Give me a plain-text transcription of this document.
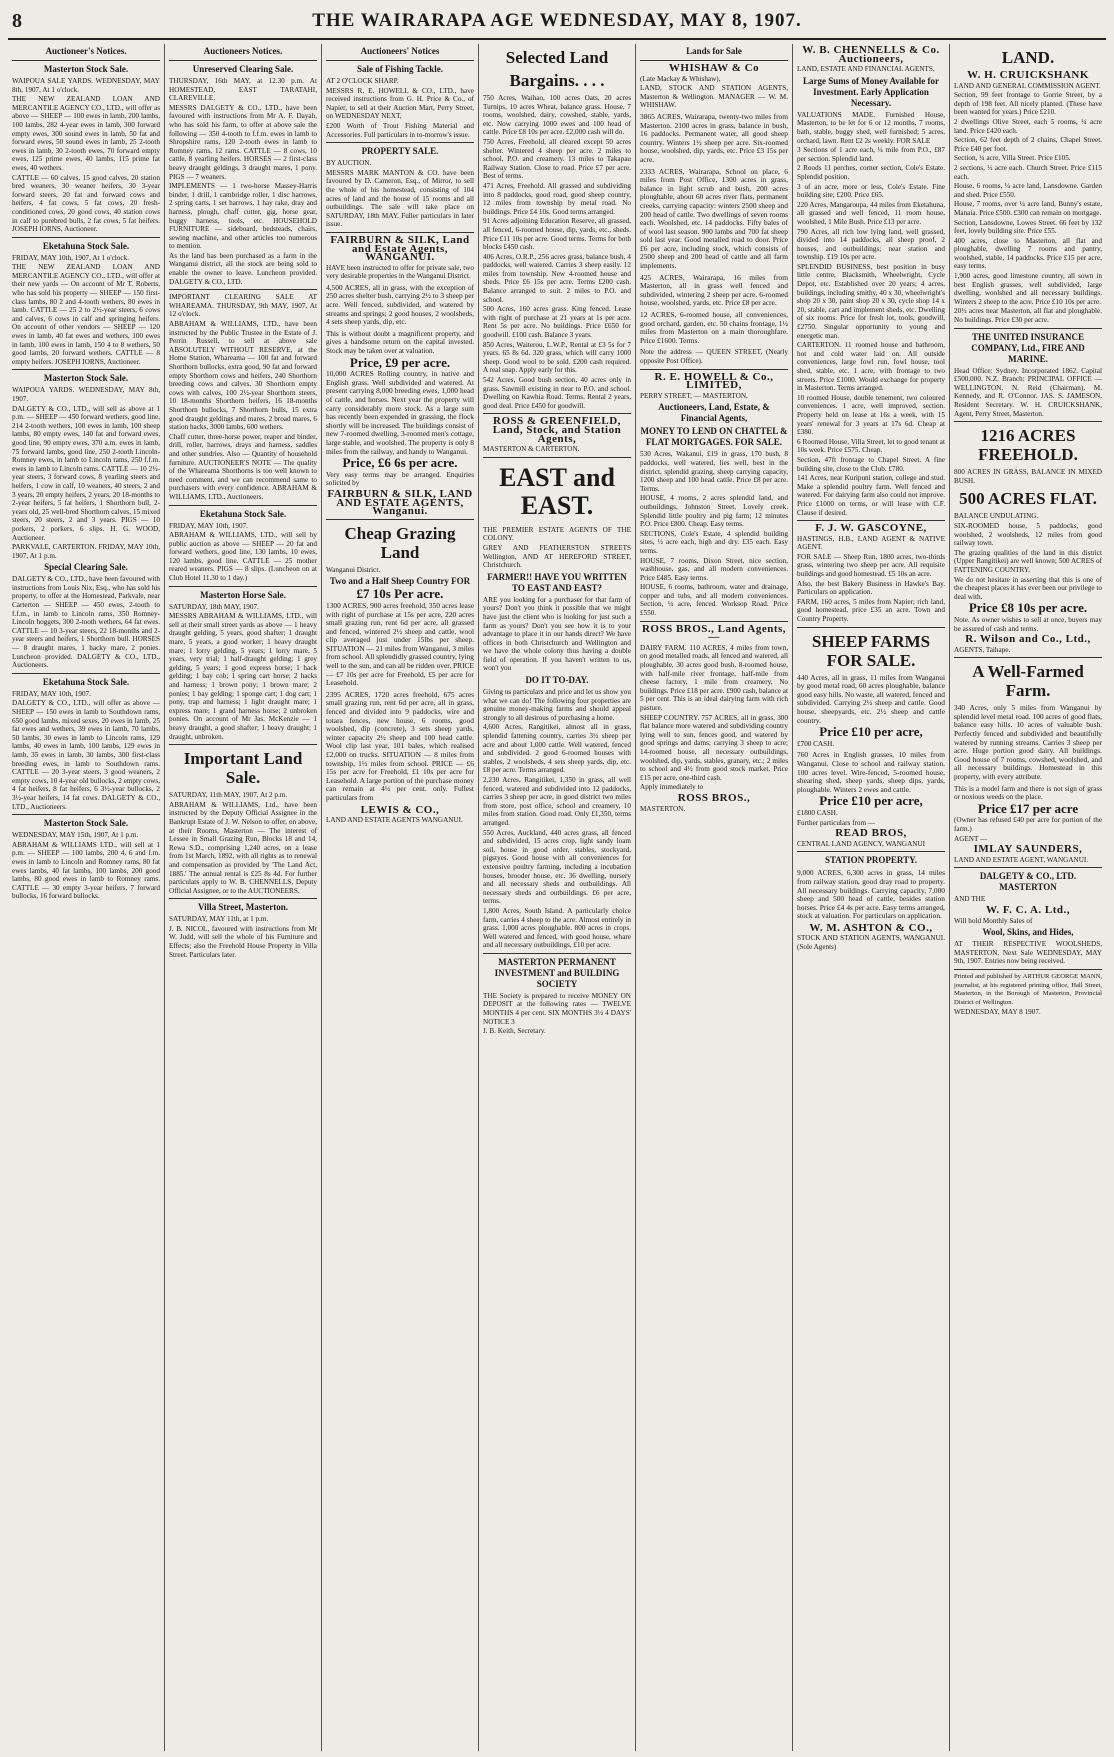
8	THE WAIRARAPA AGE WEDNESDAY, MAY 8, 1907.
Auctioneer's Notices.
Masterton Stock Sale.

WAIPOUA SALE YARDS. WEDNESDAY, MAY 8th, 1907, At 1 o'clock.

THE NEW ZEALAND LOAN AND MERCANTILE AGENCY CO., LTD., will offer as above — SHEEP — 100 ewes in lamb, 200 lambs, 100 lambs, 282 4-year ewes in lamb, 300 forward empty ewes, 300 sound ewes in lamb, 50 fat and forward ewes, 50 sound ewes in lamb, 25 2-tooth ewes in lamb, 30 2-tooth ewes, 70 forward empty ewes, 125 prime ewes, 40 lambs, 115 prime fat ewes, 40 wethers.

CATTLE — 60 calves, 15 good calves, 20 station bred weaners, 30 weaner heifers, 30 3-year forward steers, 20 fat and forward cows and heifers, 4 fat cows, 5 fat cows, 20 fresh-conditioned cows, 20 good cows, 40 station cows in calf to purebred bulls, 2 fat cows, 5 fat heifers. JOSEPH IORNS, Auctioneer.

Eketahuna Stock Sale.

FRIDAY, MAY 10th, 1907, At 1 o'clock.

THE NEW ZEALAND LOAN AND MERCANTILE AGENCY CO., LTD., will offer at their new yards — On account of Mr T. Roberts, who has sold his property — SHEEP — 150 first-class lambs, 80 2 and 4-tooth wethers, 80 ewes in lamb. CATTLE — 25 2 to 2½-year steers, 6 cows and calves, 6 cows in calf and springing heifers. On account of other vendors — SHEEP — 120 ewes in lamb, 40 fat ewes and wethers, 100 ewes in lamb, 100 ewes in lamb, 150 4 to 8 wethers, 50 good lambs, 20 forward wethers. CATTLE — 8 empty heifers. JOSEPH IORNS, Auctioneer.

Masterton Stock Sale.

WAIPOUA YARDS. WEDNESDAY, MAY 8th, 1907.

DALGETY & CO., LTD., will sell as above at 1 p.m. — SHEEP — 450 forward wethers, good line, 214 2-tooth wethers, 100 ewes in lamb, 100 sheep lambs, 80 empty ewes, 140 fat and forward ewes, good line, 90 empty ewes, 370 a.m. ewes in lamb, 75 forward lambs, good line, 250 2-tooth Lincoln-Romney ewes, in lamb to Lincoln rams, 250 f.f.m. ewes in lamb to Lincoln rams. CATTLE — 10 2½-year steers, 3 forward cows, 8 yearling steers and heifers, 1 cow in calf, 10 weaners, 40 steers, 2 and 3 years, 20 empty heifers, 2 years, 20 18-months to 2-year heifers, 5 fat heifers, 1 Shorthorn bull, 2-years old, 25 well-bred Shorthorn calves, 15 mixed steers, 20 steers, 2 and 3 years. PIGS — 10 porkers, 2 porkers, 6 slips. H. G. WOOD, Auctioneer.

PARKVALE, CARTERTON. FRIDAY, MAY 10th, 1907, At 1 p.m.

Special Clearing Sale.

DALGETY & CO., LTD., have been favoured with instructions from Louis Nix, Esq., who has sold his property, to offer at the Homestead, Parkvale, near Carterton — SHEEP — 450 ewes, 2-tooth to f.f.m., in lamb to Lincoln rams, 350 Romney-Lincoln hoggets, 300 2-tooth wethers, 64 fat ewes. CATTLE — 10 3-year steers, 22 18-months and 2-year steers and heifers, 1 Shorthorn bull. HORSES — 8 draught mares, 1 hacky mare, 2 ponies. Luncheon provided. DALGETY & CO., LTD., Auctioneers.

Eketahuna Stock Sale.

FRIDAY, MAY 10th, 1907.

DALGETY & CO., LTD., will offer as above — SHEEP — 150 ewes in lamb to Southdown rams, 650 good lambs, mixed sexes, 20 ewes in lamb, 25 fat ewes and wethers, 39 ewes in lamb, 70 lambs, 50 lambs, 30 ewes in lamb to Lincoln rams, 129 lambs, 40 ewes in lamb, 100 lambs, 129 ewes in lamb, 35 ewes in lamb, 30 lambs, 300 first-class breeding ewes, in lamb to Southdown rams. CATTLE — 20 3-year steers, 3 good weaners, 2 empty cows, 10 4-year old bullocks, 2 empty cows, 4 fat heifers, 8 fat heifers, 6 3½-year bullocks, 2 3½-year heifers, 14 fat cows. DALGETY & CO., LTD., Auctioneers.

Masterton Stock Sale.

WEDNESDAY, MAY 15th, 1907, At 1 p.m.

ABRAHAM & WILLIAMS LTD., will sell at 1 p.m. — SHEEP — 100 lambs, 200 4, 6 and f.m. ewes in lamb to Lincoln and Romney rams, 80 fat ewes lambs, 40 fat lambs, 100 lambs, 200 good lambs, 80 good ewes in lamb to Romney rams. CATTLE — 30 empty 3-year heifers, 7 forward bullocks, 16 forward bullocks.

Auctioneers Notices.
Unreserved Clearing Sale.

THURSDAY, 16th MAY, at 12.30 p.m. At HOMESTEAD, EAST TARATAHI, CLAREVILLE.

MESSRS DALGETY & CO., LTD., have been favoured with instructions from Mr A. F. Dayah, who has sold his farm, to offer at above sale the following — 350 4-tooth to f.f.m. ewes in lamb to Shropshire rams, 120 2-tooth ewes in lamb to Romney rams, 12 rams. CATTLE — 8 cows, 10 cattle, 8 yearling heifers. HORSES — 2 first-class heavy draught geldings, 3 draught mares, 1 pony. PIGS — 7 weaners.

IMPLEMENTS — 1 two-horse Massey-Harris binder, 1 drill, 1 cambridge roller, 1 disc harrows, 2 spring carts, 1 set harrows, 1 hay rake, dray and harness, plough, chaff cutter, gig, horse gear, buggy harness, tools, etc. HOUSEHOLD FURNITURE — sideboard, bedsteads, chairs, sewing machine, and other articles too numerous to mention.

As the land has been purchased as a farm in the Wanganui district, all the stock are being sold to enable the owner to leave. Luncheon provided. DALGETY & CO., LTD.

IMPORTANT CLEARING SALE AT WHAREAMA. THURSDAY, 9th MAY, 1907, At 12 o'clock.

ABRAHAM & WILLIAMS, LTD., have been instructed by the Public Trustee in the Estate of J. Perrin Russell, to sell at above sale ABSOLUTELY WITHOUT RESERVE, at the Home Station, Whareama — 100 fat and forward Shorthorn bullocks, extra good, 90 fat and forward empty Shorthorn cows and heifers, 240 Shorthorn breeding cows and calves, 30 Shorthorn empty cows with calves, 100 2½-year Shorthorn steers, 10 18-months Shorthorn heifers, 16 18-months Shorthorn bullocks, 7 Shorthorn bulls, 15 extra good draught geldings and mares, 2 broad mares, 6 station hacks, 3000 lambs, 600 wethers.

Chaff cutter, three-horse power, reaper and binder, drill, roller, harrows, drays and harness, saddles and other sundries. Also — Quantity of household furniture. AUCTIONEER'S NOTE — The quality of the Whareama Shorthorns is too well known to need comment, and we can recommend same to purchasers with every confidence. ABRAHAM & WILLIAMS, LTD., Auctioneers.

Eketahuna Stock Sale.

FRIDAY, MAY 10th, 1907.

ABRAHAM & WILLIAMS, LTD., will sell by public auction as above — SHEEP — 20 fat and forward wethers, good line, 130 lambs, 10 ewes, 120 lambs, good line. CATTLE — 25 mother reared weaners. PIGS — 8 slips. (Luncheon on at Club Hotel 11.30 to 1 day.)

Masterton Horse Sale.

SATURDAY, 18th MAY, 1907.

MESSRS ABRAHAM & WILLIAMS, LTD., will sell at their small street yards as above — 1 heavy draught gelding, 5 years, good shafter; 1 draught mare, 5 years, a good worker; 1 heavy draught mare; 1 lorry gelding, 5 years; 1 lorry mare, 5 years, very trial; 1 half-draught gelding; 1 grey gelding, 5 years; 1 good express horse; 1 hack gelding; 1 bay cob; 1 spring cart horse; 2 hacks and harness; 1 brown pony; 1 brown mare; 2 ponies; 1 bay gelding; 1 sponge cart; 1 dog cart; 1 pony, trap and harness; 1 light draught mare; 1 express mare; 1 grand harness horse; 2 unbroken ponies. On account of Mr Jas. McKenzie — 1 heavy draught, a good shafter; 1 heavy draught; 1 draught, unbroken.

Important Land Sale.

SATURDAY, 11th MAY, 1907, At 2 p.m.

ABRAHAM & WILLIAMS, Ltd., have been instructed by the Deputy Official Assignee in the Bankrupt Estate of J. W. Nelson to offer, on above, at their Rooms, Masterton — The interest of Lessee in Small Grazing Run, Blocks 18 and 14, Rewa S.D., comprising 1,240 acres, on a lease from 1st March, 1892, with all rights as to renewal and compensation as provided by 'The Land Act, 1885.' The annual rental is £25 8s 4d. For further particulars apply to W. B. CHENNELLS, Deputy Official Assignee, or to the AUCTIONEERS.

Villa Street, Masterton.

SATURDAY, MAY 11th, at 1 p.m.

J. B. NICOL, favoured with instructions from Mr W. Judd, will sell the whole of his Furniture and Effects; also the Freehold House Property in Villa Street. Particulars later.

Auctioneers' Notices
Sale of Fishing Tackle.

AT 2 O'CLOCK SHARP.

MESSRS R. E. HOWELL & CO., LTD., have received instructions from G. H. Price & Co., of Napier, to sell at their Auction Mart, Perry Street, on WEDNESDAY NEXT,

£200 Worth of Trout Fishing Material and Accessories. Full particulars in to-morrow's issue.

PROPERTY SALE.

BY AUCTION.

MESSRS MARK MANTON & CO. have been favoured by D. Cameron, Esq., of Mirror, to sell the whole of his homestead, consisting of 104 acres of land and the house of 15 rooms and all outbuildings. The sale will take place on SATURDAY, 18th MAY. Fuller particulars in later issue.

FAIRBURN & SILK, Land and Estate Agents, WANGANUI.

HAVE been instructed to offer for private sale, two very desirable properties in the Wanganui District.

4,500 ACRES, all in grass, with the exception of 250 acres shelter bush, carrying 2½ to 3 sheep per acre. Well fenced, subdivided, and watered by streams and springs; 2 good houses, 2 woolsheds, 4 sets sheep yards, dip, etc.

This is without doubt a magnificent property, and gives a handsome return on the capital invested. Stock may be taken over at valuation.

Price, £9 per acre.

10,000 ACRES Rolling country, in native and English grass. Well subdivided and watered. At present carrying 8,000 breeding ewes, 1,000 head of cattle, and horses. Next year the property will carry considerably more stock. As a large sum has recently been expended in grassing, the flock shortly will be increased. The buildings consist of new 7-roomed dwelling, 3-roomed men's cottage, large stable, and woolshed. The property is only 8 miles from the railway, and handy to Wanganui.

Price, £6 6s per acre.

Very easy terms may be arranged. Enquiries solicited by

FAIRBURN & SILK, LAND AND ESTATE AGENTS, Wanganui.
Cheap Grazing Land

Wanganui District.

Two and a Half Sheep Country FOR
£7 10s Per acre.

1300 ACRES, 900 acres freehold, 350 acres lease with right of purchase at 15s per acre, 220 acres small grazing run, rent 6d per acre, all grassed and fenced, wintered 2½ sheep and cattle, wool clip averaged just under 15lbs per sheep. SITUATION — 21 miles from Wanganui, 3 miles from school. All splendidly grassed country, lying well to the sun, and can all be ridden over. PRICE — £7 10s per acre for Freehold, £5 per acre for Leasehold.

2395 ACRES, 1720 acres freehold, 675 acres small grazing run, rent 6d per acre, all in grass, fenced and divided into 9 paddocks, wire and totara fences, new house, 6 rooms, good woolshed, dip (concrete), 3 sets sheep yards, winter capacity 2½ sheep and 100 head cattle. Wool clip last year, 101 bales, which realised £2,000 on trucks. SITUATION — 8 miles from township, 1½ miles from school. PRICE — £6 15s per acre for Freehold, £1 10s per acre for Leasehold. A large portion of the purchase money can remain at 4½ per cent. only. Fullest particulars from

LEWIS & CO.,

LAND AND ESTATE AGENTS WANGANUI.

Selected Land
Bargains. . . .

750 Acres, Waihao, 100 acres Oats, 20 acres Turnips, 10 acres Wheat, balance grass. House, 7 rooms, woolshed, dairy, cowshed, stable, yards, etc. Now carrying 1000 ewes and 100 head of cattle. Price £8 10s per acre. £2,000 cash will do.

750 Acres, Freehold, all cleared except 50 acres shelter. Wintered 4 sheep per acre. 2 miles to school, P.O. and creamery. 13 miles to Takapau Railway Station. Close to road. Price £7 per acre. Best of terms.

471 Acres, Freehold. All grassed and subdividing into 8 paddocks, good road, good sheep country, 12 miles from township by metal road. No buildings. Price £4 10s. Good terms arranged.

91 Acres adjoining Education Reserve, all grassed, all fenced, 6-roomed house, dip, yards, etc., sheds. Price £11 10s per acre. Good terms. Terms for both blocks £450 cash.

406 Acres, O.R.P., 256 acres grass, balance bush, 4 paddocks, well watered. Carries 3 sheep easily. 12 miles from township. New 4-roomed house and sheds. Price £6 15s per acre. Terms £200 cash. Balance arranged to suit. 2 miles to P.O. and school.

500 Acres, 160 acres grass. King fenced. Lease with right of purchase at 21 years at 1s per acre. Rent 5s per acre. No buildings. Price £650 for goodwill. £100 cash. Balance 3 years.

850 Acres, Waiterou, L.W.P., Rental at £3 5s for 7 years. 65 8s 6d. 320 grass, which will carry 1000 sheep. Good wool to be sold. £200 cash required. A real snap. Apply early for this.

542 Acres, Good bush section, 40 acres only in grass. Sawmill existing in near to P.O. and school. Dwelling on Kawhia Road. Terms. Rental 2 years, good deal. Price £450 for goodwill.

ROSS & GREENFIELD, Land, Stock, and Station Agents,

MASTERTON & CARTERTON.

EAST and EAST.

THE PREMIER ESTATE AGENTS OF THE COLONY.

GREY AND FEATHERSTON STREETS Wellington, AND AT HEREFORD STREET, Christchurch.

FARMER!! HAVE YOU WRITTEN TO EAST AND EAST?

ARE you looking for a purchaser for that farm of yours? Don't you think it possible that we might have just the client who is looking for just such a farm as yours? Don't you see how it is to your advantage to place it in our hands direct? We have offices in both Christchurch and Wellington and we have the whole colony thus having a double field of operation. If you haven't written to us, won't you

DO IT TO-DAY.

Giving us particulars and price and let us show you what we can do! The following four properties are genuine money-making farms and should appeal strongly to all desirous of purchasing a home.

4,600 Acres, Rangitikei, almost all in grass, splendid fattening country, carries 3½ sheep per acre and about 1,000 cattle. Well watered, fenced and subdivided. 2 good 6-roomed houses with stables, 2 woolsheds, 4 sets sheep yards, dip, etc. £8 per acre. Terms arranged.

2,230 Acres, Rangitikei, 1,350 in grass, all well fenced, watered and subdivided into 12 paddocks, carries 3 sheep per acre, in good district two miles from store, post office, school and creamery, 10 miles from station. Good road. Only £1,350, terms arranged.

550 Acres, Auckland, 440 acres grass, all fenced and subdivided, 15 acres crop, light sandy loam soil, house in good order, stables, stockyard, pigstyes. Good house with all conveniences for extensive poultry farming, including a incubation houses, brooder house, etc. 36 dwelling, nursery and all necessary sheds and outbuildings. All necessary sheds and outbuildings. £6 per acre, terms.

1,800 Acres, South Island. A particularly choice farm, carries 4 sheep to the acre. Almost entirely in grass. 1,000 acres ploughable. 800 acres in crops. Well watered and fenced, with good house, whare and all necessary outbuildings, £10 per acre.

MASTERTON PERMANENT INVESTMENT and BUILDING SOCIETY

THE Society is prepared to receive MONEY ON DEPOSIT at the following rates — TWELVE MONTHS 4 per cent. SIX MONTHS 3½ 4 DAYS' NOTICE 3

J. B. Keith, Secretary.

Lands for Sale
WHISHAW & Co

(Late Mackay & Whishaw),

LAND, STOCK AND STATION AGENTS, Masterton & Wellington. MANAGER — W. M. WHISHAW.

3865 ACRES, Wairarapa, twenty-two miles from Masterton. 2100 acres in grass, balance in bush, 16 paddocks. Permanent water, all good sheep country. Winters 1½ sheep per acre. Six-roomed house, woolshed, dip, yards, etc. Price £3 15s per acre.

2333 ACRES, Wairarapa, School on place, 6 miles from Post Office, 1300 acres in grass, balance in light scrub and bush, 200 acres ploughable, about 60 acres river flats, permanent creeks, carrying capacity: winters 2500 sheep and 200 head of cattle. Two dwellings of seven rooms each. Woolshed, etc. 14 paddocks. Fifty bales of of wool last season. 900 lambs and 700 fat sheep sold last year. Good metalled road to door. Price £6 per acre, including stock, which consists of 2500 sheep and 200 head of cattle and all farm implements.

425 ACRES, Wairarapa, 16 miles from Masterton, all in grass well fenced and subdivided, wintering 2 sheep per acre. 6-roomed house, woolshed, yards, etc. Price £8 per acre.

12 ACRES, 6-roomed house, all conveniences, good orchard, garden, etc. 50 chains frontage, 1½ miles from Masterton on a main thoroughfare. Price £1600. Terms.

Note the address — QUEEN STREET, (Nearly opposite Post Office).

R. E. HOWELL & Co., LIMITED,

PERRY STREET, — MASTERTON,

Auctioneers, Land, Estate, & Financial Agents,
MONEY TO LEND ON CHATTEL & FLAT MORTGAGES. FOR SALE.

530 Acres, Wakanui, £19 in grass, 170 bush, 8 paddocks, well watered, lies well, best in the district, splendid grazing, sheep carrying capacity, 1200 sheep and 100 head cattle. Price £8 per acre. Terms.

HOUSE, 4 rooms, 2 acres splendid land, and outbuildings, Johnston Street, Lovely creek. Splendid little poultry and pig farm; 12 minutes P.O. Price £800. Cheap. Easy terms.

SECTIONS, Cole's Estate, 4 splendid building sites, ½ acre each, high and dry. £35 each. Easy terms.

HOUSE, 7 rooms, Dixon Street, nice section, washhouse, gas, and all modern conveniences. Price £485. Easy terms.

HOUSE, 6 rooms, bathroom, water and drainage, copper and tubs, and all modern conveniences. Section, ¼ acre, fenced. Worksop Road. Price £550.

ROSS BROS., Land Agents, —

DAIRY FARM. 110 ACRES, 4 miles from town, on good metalled roads, all fenced and watered, all ploughable, 30 acres good bush, 8-roomed house, with half-mile river frontage, half-mile from cheese factory, 1 mile from creamery, No buildings. Price £18 per acre. £900 cash, balance at 5 per cent. This is an ideal dairying farm with rich pasture.

SHEEP COUNTRY. 757 ACRES, all in grass, 300 flat balance more watered and subdividing country lying well to sun, fences good, and watered by good springs and dams; carrying 3 sheep to acre; 14-roomed house, all necessary outbuildings, woolshed, dip, yards, stables, granary, etc.; 2 miles to school and 4½ from good stock market. Price £15 per acre, one-third cash.

Apply immediately to

ROSS BROS.,

MASTERTON.

W. B. CHENNELLS & Co. Auctioneers,

LAND, ESTATE AND FINANCIAL AGENTS,

Large Sums of Money Available for Investment. Early Application Necessary.

VALUATIONS MADE. Furnished House, Masterton, to be let for 6 or 12 months, 7 rooms, bath, stable, buggy shed, well furnished; 5 acres, orchard, lawn. Rent £2 2s weekly. FOR SALE

3 Sections of 1 acre each, ¼ mile from P.O., £87 per section. Splendid land.

2 Roods 11 perches, corner section, Cole's Estate. Splendid position.

3 of an acre, more or less, Cole's Estate. Fine building site; £200. Price £65.

220 Acres, Mangaroupa, 44 miles from Eketahuna, all grassed and well fenced, 11 room house, woolshed, 1 Mile Bush. Price £13 per acre.

790 Acres, all rich low lying land, well grassed, divided into 14 paddocks, all sheep proof, 2 houses, and outbuildings; near station and township. £19 10s per acre.

SPLENDID BUSINESS, best position in busy little centre, Blacksmith, Wheelwright, Cycle Depot, etc. Established over 20 years; 4 acres, buildings, including smithy, 40 x 30, wheelwright's shop 20 x 30, paint shop 20 x 30, cycle shop 14 x 20, stable, cart and implement sheds, etc. Dwelling of six rooms. Price for fresh lot, tools, goodwill, £2750. Singular opportunity to young and energetic man.

CARTERTON. 11 roomed house and bathroom, hot and cold water laid on. All outside conveniences, large fowl run, fowl house, tool shed, stable, etc. 1 acre, with frontage to two streets. Price £1000. Would exchange for property in Masterton. Terms arranged.

10 roomed House, double tenement, two coloured conveniences. 1 acre, well improved, section. Property held on lease at 16s a week, with 15 years' renewal for 3 years at 17s 6d. Cheap at £380.

6 Roomed House, Villa Street, let to good tenant at 10s week. Price £575. Cheap.

Section, 47ft frontage to Chapel Street. A fine building site, close to the Club. £780.

141 Acres, near Kuripuni station, college and stud. Make a splendid poultry farm. Well fenced and watered. For dairying farm also could not improve. Price £1000 on terms, or will lease with C.F. Clause if desired.

F. J. W. GASCOYNE,

HASTINGS, H.B., LAND AGENT & NATIVE AGENT.

FOR SALE — Sheep Run, 1800 acres, two-thirds grass, wintering two sheep per acre. All requisite buildings and good homestead. £5 10s an acre.

Also, the best Bakery Business in Hawke's Bay. Particulars on application.

FARM, 160 acres, 5 miles from Napier; rich land, good homestead, price £35 an acre. Town and Country Property.

SHEEP FARMS FOR SALE.

440 Acres, all in grass, 11 miles from Wanganui by good metal road, 60 acres ploughable, balance good easy hills. No waste, all watered, fenced and subdivided. Carrying 2½ sheep and cattle. Good house, sheepyards, etc. 2½ sheep and cattle country.

Price £10 per acre,

£700 CASH.

760 Acres in English grasses, 10 miles from Wanganui. Close to school and railway station. 100 acres level. Wire-fenced, 5-roomed house, shearing shed, sheep yards, sheep dips, yards, ploughable. Winters 2 ewes and cattle.

Price £10 per acre,

£1800 CASH.

Further particulars from —

READ BROS,

CENTRAL LAND AGENCY, WANGANUI

STATION PROPERTY.

9,000 ACRES, 6,300 acres in grass, 14 miles from railway station, good dray road to property. All necessary buildings. Carrying capacity, 7,000 sheep and 500 head of cattle, besides station horses. Price £4 4s per acre. Easy terms arranged, stock at valuation. For particulars on application.

W. M. ASHTON & CO.,

STOCK AND STATION AGENTS, WANGANUI. (Sole Agents)

LAND.
W. H. CRUICKSHANK

LAND AND GENERAL COMMISSION AGENT.

Section, 99 feet frontage to Gorrie Street, by a depth of 198 feet. All nicely planted. (These have been wanted for years.) Price £210.

2 dwellings Olive Street, each 5 rooms, ¼ acre land. Price £420 each.

Section, 62 feet depth of 2 chains, Chapel Street. Price £40 per foot.

Section, ¼ acre, Villa Street. Price £105.

2 sections, ½ acre each. Church Street. Price £115 each.

House, 6 rooms, ¼ acre land, Lansdowne. Garden and shed. Price £550.

House, 7 rooms, over ¼ acre land, Bunny's estate, Manaia. Price £500. £300 can remain on mortgage.

Section, Lansdowne, Lowes Street. 66 feet by 132 feet, lovely building site. Price £55.

400 acres, close to Masterton, all flat and ploughable, dwelling 7 rooms and pantry, woolshed, stable, 14 paddocks. Price £15 per acre, easy terms.

1,900 acres, good limestone country, all sown in best English grasses, well subdivided, large dwelling, woolshed and all necessary buildings. Winters 2 sheep to the acre. Price £10 10s per acre.

20½ acres near Masterton, all flat and ploughable. No buildings. Price £30 per acre.

THE UNITED INSURANCE COMPANY, Ltd., FIRE AND MARINE.

Head Office: Sydney. Incorporated 1862. Capital £500,000. N.Z. Branch: PRINCIPAL OFFICE — WELLINGTON. N. Reid (Chairman), M. Kennedy, and R. O'Connor. JAS. S. JAMESON, Resident Secretary. W. H. CRUICKSHANK, Agent, Perry Street, Masterton.

1216 ACRES FREEHOLD.

800 ACRES IN GRASS, BALANCE IN MIXED BUSH.

500 ACRES FLAT.

BALANCE UNDULATING.

SIX-ROOMED house, 5 paddocks, good woolshed, 2 woolsheds, 12 miles from good railway town.

The grazing qualities of the land in this district (Upper Rangitikei) are well known; 500 ACRES of FATTENING COUNTRY.

We do not hesitate in asserting that this is one of the cheapest places it has ever been our privilege to deal with.

Price £8 10s per acre.

Note. As owner wishes to sell at once, buyers may be assured of cash and terms.

R. Wilson and Co., Ltd.,

AGENTS, Taihape.

A Well-Farmed Farm.

340 Acres, only 5 miles from Wanganui by splendid level metal road. 100 acres of good flats, balance easy hills. 10 acres of valuable bush. Perfectly fenced and subdivided and beautifully watered by running streams. Carries 3 sheep per acre. Huge portion good dairy. All buildings. Good house of 7 rooms, cowshed, woolshed, and all necessary buildings. Homestead in this property, with every attribute.

This is a model farm and there is not sign of grass or noxious weeds on the place.

Price £17 per acre

(Owner has refused £40 per acre for portion of the farm.)

AGENT —

IMLAY SAUNDERS,

LAND AND ESTATE AGENT, WANGANUI.

DALGETY & CO., LTD. MASTERTON

AND THE

W. F. C. A. Ltd.,

Will hold Monthly Sales of

Wool, Skins, and Hides,

AT THEIR RESPECTIVE WOOLSHEDS, MASTERTON. Next Sale WEDNESDAY, MAY 9th, 1907. Entries now being received.

Printed and published by ARTHUR GEORGE MANN, journalist, at his registered printing office, Hall Street, Masterton, in the Borough of Masterton, Provincial District of Wellington.

WEDNESDAY, MAY 8 1907.
